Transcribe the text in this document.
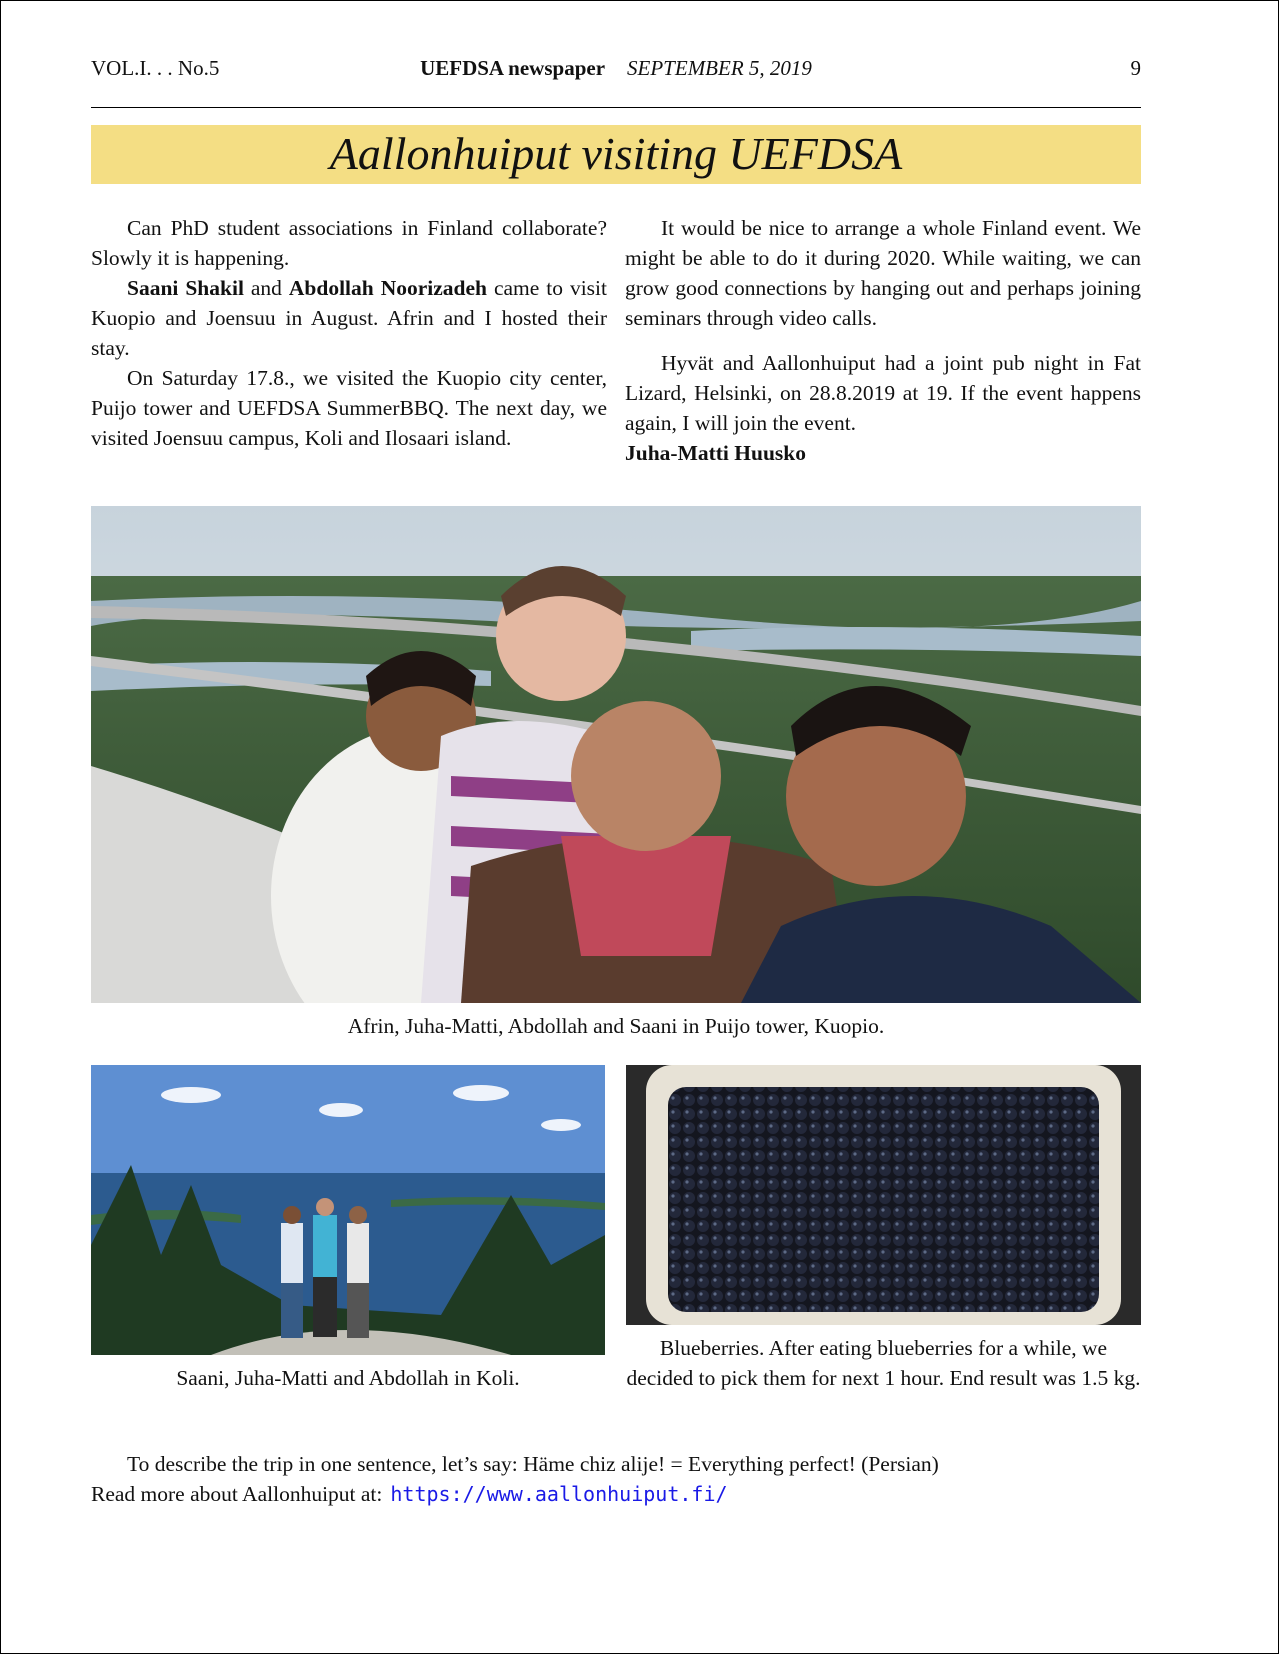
VOL.I. . . No.5	UEFDSA newspaper SEPTEMBER 5, 2019	9
Aallonhuiput visiting UEFDSA

Can PhD student associations in Finland collaborate? Slowly it is happening.

Saani Shakil and Abdollah Noorizadeh came to visit Kuopio and Joensuu in August. Afrin and I hosted their stay.

On Saturday 17.8., we visited the Kuopio city center, Puijo tower and UEFDSA SummerBBQ. The next day, we visited Joensuu campus, Koli and Ilosaari island.

It would be nice to arrange a whole Finland event. We might be able to do it during 2020. While waiting, we can grow good connections by hanging out and perhaps joining seminars through video calls.

Hyvät and Aallonhuiput had a joint pub night in Fat Lizard, Helsinki, on 28.8.2019 at 19. If the event happens again, I will join the event.

Juha-Matti Huusko

Afrin, Juha-Matti, Abdollah and Saani in Puijo tower, Kuopio.
Saani, Juha-Matti and Abdollah in Koli.
Blueberries. After eating blueberries for a while, we decided to pick them for next 1 hour. End result was 1.5 kg.

To describe the trip in one sentence, let’s say: Häme chiz alije! = Everything perfect! (Persian)

Read more about Aallonhuiput at: https://www.aallonhuiput.fi/
